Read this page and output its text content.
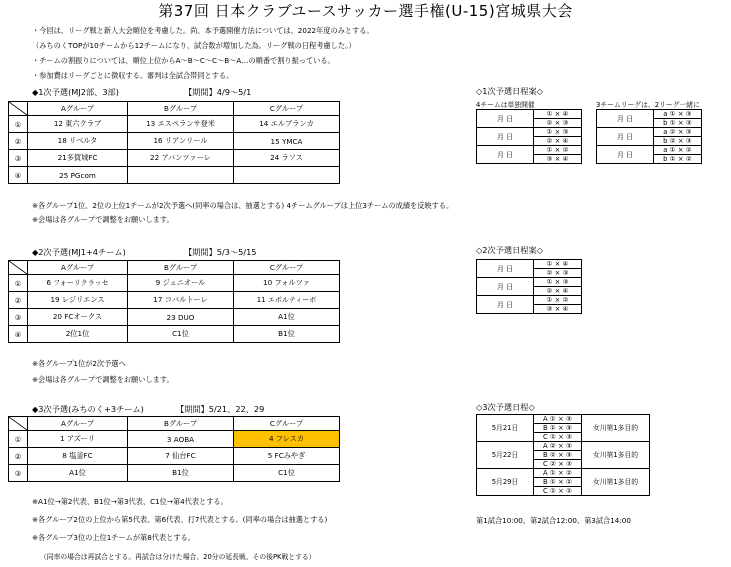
第37回 日本クラブユースサッカー選手権(U-15)宮城県大会
・今回は、リーグ戦と新人大会順位を考慮した。尚、本予選開催方法については、2022年度のみとする。
（みちのくTOPが10チームから12チームになり、試合数が増加した為。リーグ戦の日程考慮した。）
・チームの割振りについては、順位上位からA～B～C～C～B～A…の順番で割り振っている。
・参加費はリーグごとに徴収する。審判は全試合帯同とする。
◆1次予選(MJ2部、3部)	【期間】4/9～5/1
	Aグループ	Bグループ	Cグループ
①	12 東六クラブ	13 エスペランサ登米	14 エルブランカ
②	18 リベルタ	16 リアンリール	15 YMCA
③	21多賀城FC	22 アバンツァーレ	24 ラソス
④	25 PGcom		
※各グループ1位、2位の上位1チームが2次予選へ(同率の場合は、抽選とする) 4チームグループは上位3チームの成績を反映する。
※会場は各グループで調整をお願いします。
◆2次予選(MJ1+4チーム)	【期間】5/3～5/15
	Aグループ	Bグループ	Cグループ
①	6 フォーリクラッセ	9 ジュニオール	10 フォルツァ
②	19 レジリエンス	17 コバルトーレ	11 エボルティーボ
③	20 FCオークス	23 DUO	A1位
④	2位1位	C1位	B1位
※各グループ1位が2次予選へ
※会場は各グループで調整をお願いします。
◆3次予選(みちのく+3チーム)	【期間】5/21、22、29
	Aグループ	Bグループ	Cグループ
①	1 アズーリ	3 AOBA	4 フレスカ
②	8 塩釜FC	7 仙台FC	5 FCみやぎ
③	A1位	B1位	C1位
※A1位→第2代表、B1位→第3代表、C1位→第4代表とする。
※各グループ2位の上位から第5代表、第6代表、打7代表とする。(同率の場合は抽選とする)
※各グループ3位の上位1チームが第8代表とする。
（同率の場合は再試合とする。再試合は分けた場合、20分の延長戦、その後PK戦とする）
◇1次予選日程案◇
4チームは単独開催	3チームリーグは、2リーグ一緒に
月 日	① × ④
	② × ③
月 日	① × ③
	② × ④
月 日	① × ②
	③ × ④
月 日	a ① × ③
	b ① × ③
月 日	a ② × ③
	b ② × ③
月 日	a ① × ②
	b ① × ②
◇2次予選日程案◇
月 日	① × ④
	② × ③
月 日	① × ③
	② × ④
月 日	① × ②
	③ × ④
◇3次予選日程◇
5月21日	A ① × ③	女川第1多目的
	B ① × ③	
	C ① × ③	
5月22日	A ② × ③	女川第1多目的
	B ② × ③	
	C ② × ③	
5月29日	A ① × ②	女川第1多目的
	B ① × ②	
	C ① × ②	
第1試合10:00、第2試合12:00、第3試合14:00
